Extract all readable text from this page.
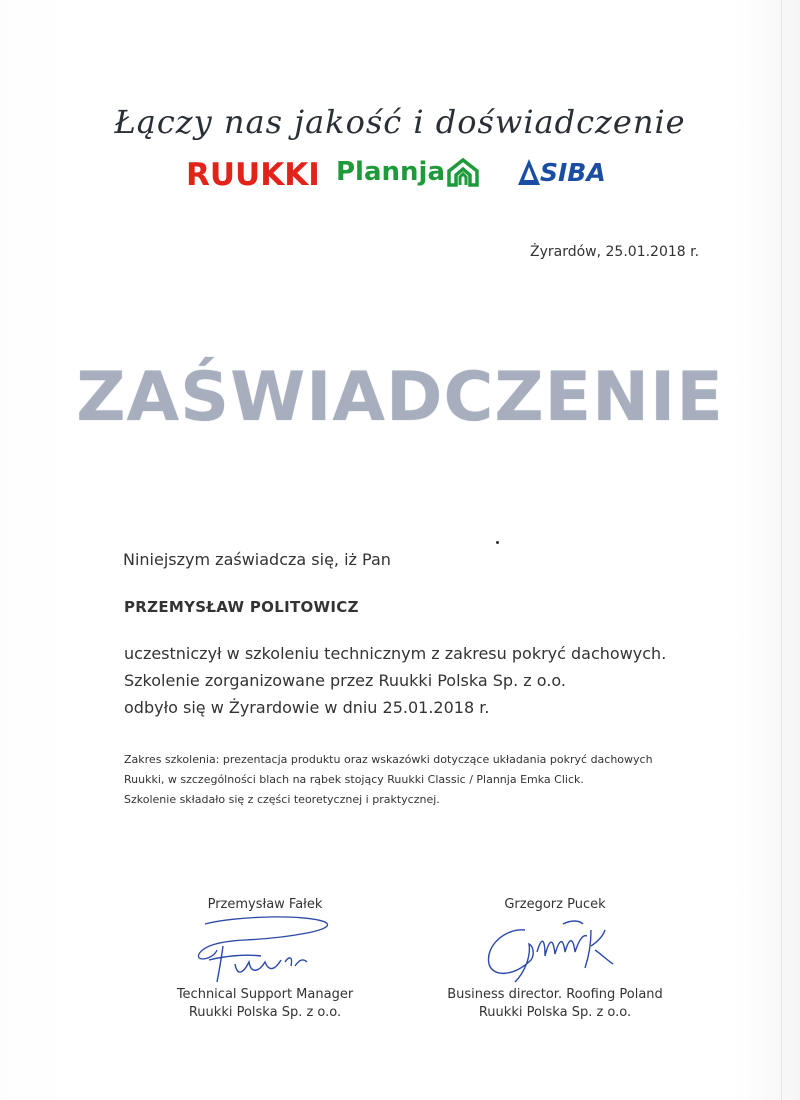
Łączy nas jakość i doświadczenie
RUUKKI Plannja	SIBA
Żyrardów, 25.01.2018 r.
ZAŚWIADCZENIE
Niniejszym zaświadcza się, iż Pan
PRZEMYSŁAW POLITOWICZ
uczestniczył w szkoleniu technicznym z zakresu pokryć dachowych.
Szkolenie zorganizowane przez Ruukki Polska Sp. z o.o.
odbyło się w Żyrardowie w dniu 25.01.2018 r.
Zakres szkolenia: prezentacja produktu oraz wskazówki dotyczące układania pokryć dachowych
Ruukki, w szczególności blach na rąbek stojący Ruukki Classic / Plannja Emka Click.
Szkolenie składało się z części teoretycznej i praktycznej.
Przemysław Fałek
Technical Support Manager
Ruukki Polska Sp. z o.o.
Grzegorz Pucek
Business director. Roofing Poland
Ruukki Polska Sp. z o.o.
